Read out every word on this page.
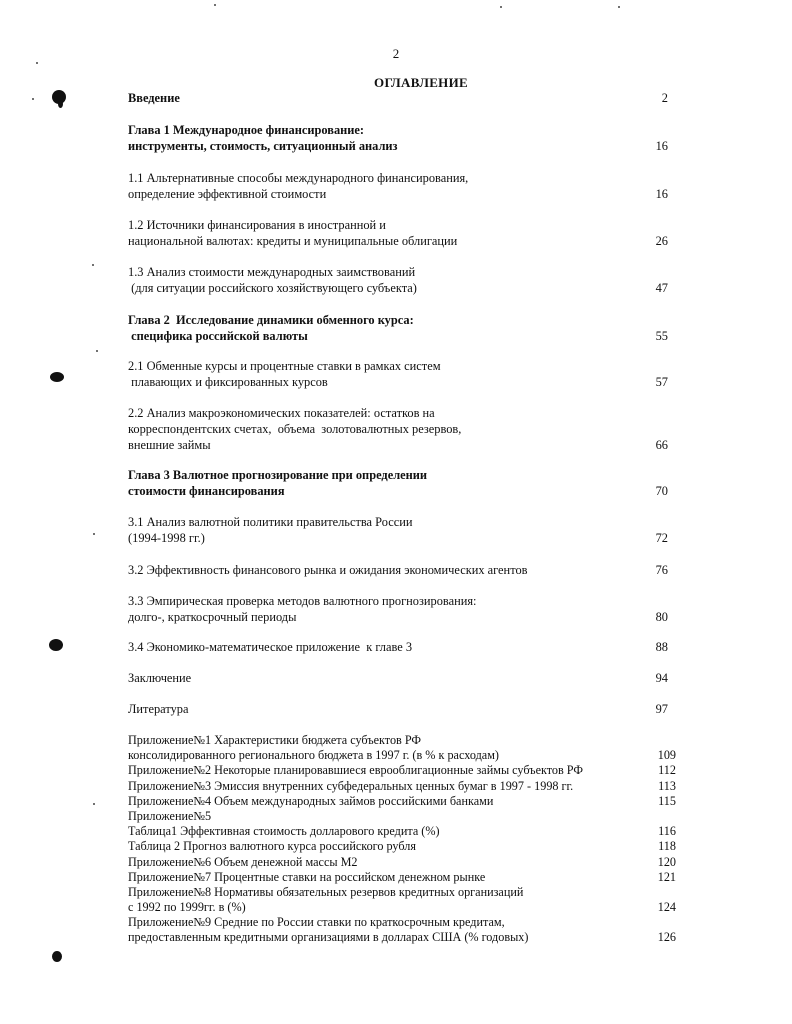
2
ОГЛАВЛЕНИЕ
Введение	2
Глава 1 Международное финансирование:
инструменты, стоимость, ситуационный анализ	16
1.1 Альтернативные способы международного финансирования,
определение эффективной стоимости	16
1.2 Источники финансирования в иностранной и
национальной валютах: кредиты и муниципальные облигации	26
1.3 Анализ стоимости международных заимствований
(для ситуации российского хозяйствующего субъекта)	47
Глава 2  Исследование динамики обменного курса:
специфика российской валюты	55
2.1 Обменные курсы и процентные ставки в рамках систем
плавающих и фиксированных курсов	57
2.2 Анализ макроэкономических показателей: остатков на
корреспондентских счетах,  объема  золотовалютных резервов,
внешние займы	66
Глава 3 Валютное прогнозирование при определении
стоимости финансирования	70
3.1 Анализ валютной политики правительства России
(1994-1998 гг.)	72
3.2 Эффективность финансового рынка и ожидания экономических агентов	76
3.3 Эмпирическая проверка методов валютного прогнозирования:
долго-, краткосрочный периоды	80
3.4 Экономико-математическое приложение  к главе 3	88
Заключение	94
Литература	97
Приложение№1 Характеристики бюджета субъектов РФ
консолидированного регионального бюджета в 1997 г. (в % к расходам)	109
Приложение№2 Некоторые планировавшиеся еврооблигационные займы субъектов РФ	112
Приложение№3 Эмиссия внутренних субфедеральных ценных бумаг в 1997 - 1998 гг.	113
Приложение№4 Объем международных займов российскими банками	115
Приложение№5
Таблица1 Эффективная стоимость долларового кредита (%)	116
Таблица 2 Прогноз валютного курса российского рубля	118
Приложение№6 Объем денежной массы М2	120
Приложение№7 Процентные ставки на российском денежном рынке	121
Приложение№8 Нормативы обязательных резервов кредитных организаций
с 1992 по 1999гг. в (%)	124
Приложение№9 Средние по России ставки по краткосрочным кредитам,
предоставленным кредитными организациями в долларах США (% годовых)	126
